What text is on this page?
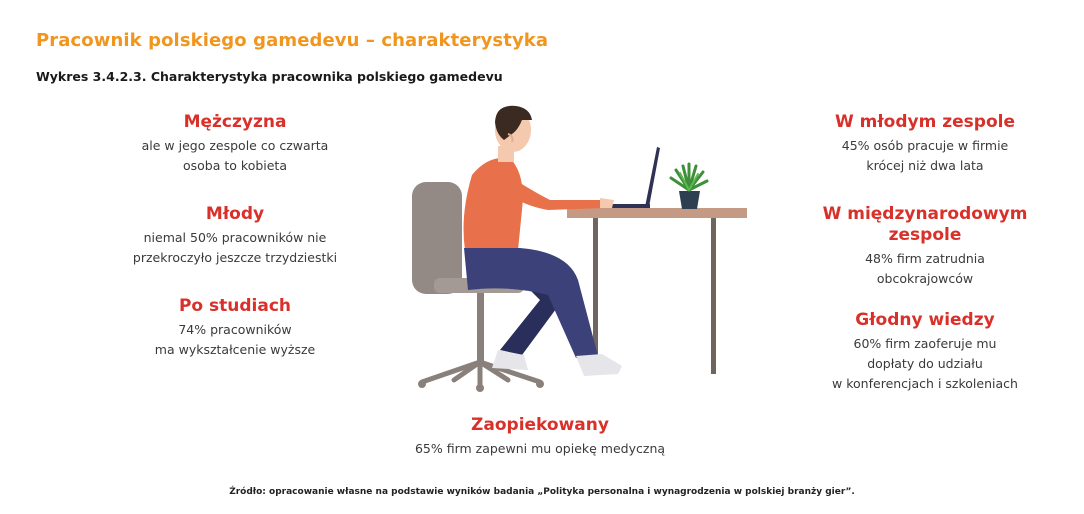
Pracownik polskiego gamedevu – charakterystyka
Wykres 3.4.2.3. Charakterystyka pracownika polskiego gamedevu
Mężczyzna
ale w jego zespole co czwarta
osoba to kobieta
Młody
niemal 50% pracowników nie
przekroczyło jeszcze trzydziestki
Po studiach
74% pracowników
ma wykształcenie wyższe
W młodym zespole
45% osób pracuje w firmie
krócej niż dwa lata
W międzynarodowym
zespole
48% firm zatrudnia
obcokrajowców
Głodny wiedzy
60% firm zaoferuje mu
dopłaty do udziału
w konferencjach i szkoleniach
Zaopiekowany
65% firm zapewni mu opiekę medyczną
Źródło: opracowanie własne na podstawie wyników badania „Polityka personalna i wynagrodzenia w polskiej branży gier”.
